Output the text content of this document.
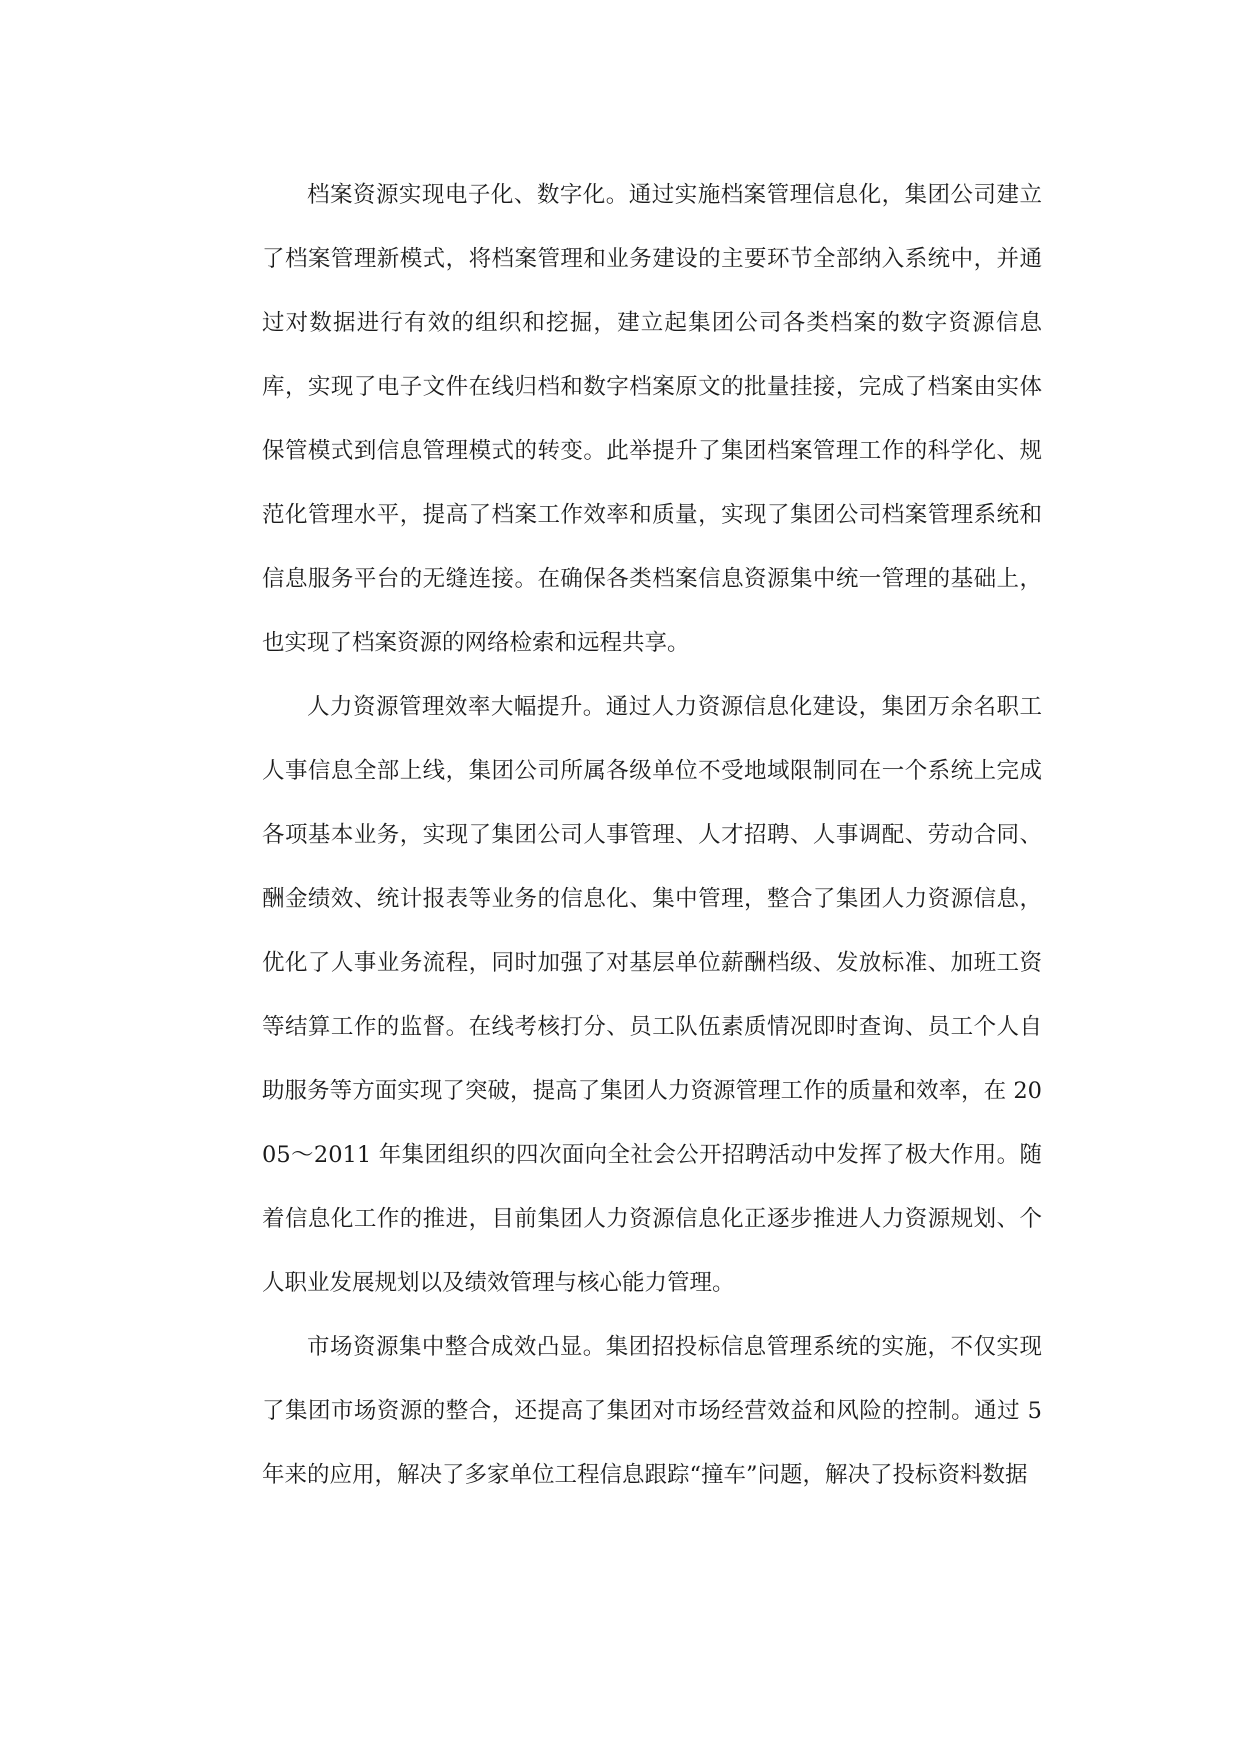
档案资源实现电子化、数字化。通过实施档案管理信息化，集团公司建立了档案管理新模式，将档案管理和业务建设的主要环节全部纳入系统中，并通过对数据进行有效的组织和挖掘，建立起集团公司各类档案的数字资源信息库，实现了电子文件在线归档和数字档案原文的批量挂接，完成了档案由实体保管模式到信息管理模式的转变。此举提升了集团档案管理工作的科学化、规范化管理水平，提高了档案工作效率和质量，实现了集团公司档案管理系统和信息服务平台的无缝连接。在确保各类档案信息资源集中统一管理的基础上，也实现了档案资源的网络检索和远程共享。

人力资源管理效率大幅提升。通过人力资源信息化建设，集团万余名职工人事信息全部上线，集团公司所属各级单位不受地域限制同在一个系统上完成各项基本业务，实现了集团公司人事管理、人才招聘、人事调配、劳动合同、酬金绩效、统计报表等业务的信息化、集中管理，整合了集团人力资源信息，优化了人事业务流程，同时加强了对基层单位薪酬档级、发放标准、加班工资等结算工作的监督。在线考核打分、员工队伍素质情况即时查询、员工个人自助服务等方面实现了突破，提高了集团人力资源管理工作的质量和效率，在 2005～2011 年集团组织的四次面向全社会公开招聘活动中发挥了极大作用。随着信息化工作的推进，目前集团人力资源信息化正逐步推进人力资源规划、个人职业发展规划以及绩效管理与核心能力管理。

市场资源集中整合成效凸显。集团招投标信息管理系统的实施，不仅实现了集团市场资源的整合，还提高了集团对市场经营效益和风险的控制。通过 5 年来的应用，解决了多家单位工程信息跟踪“撞车”问题，解决了投标资料数据
